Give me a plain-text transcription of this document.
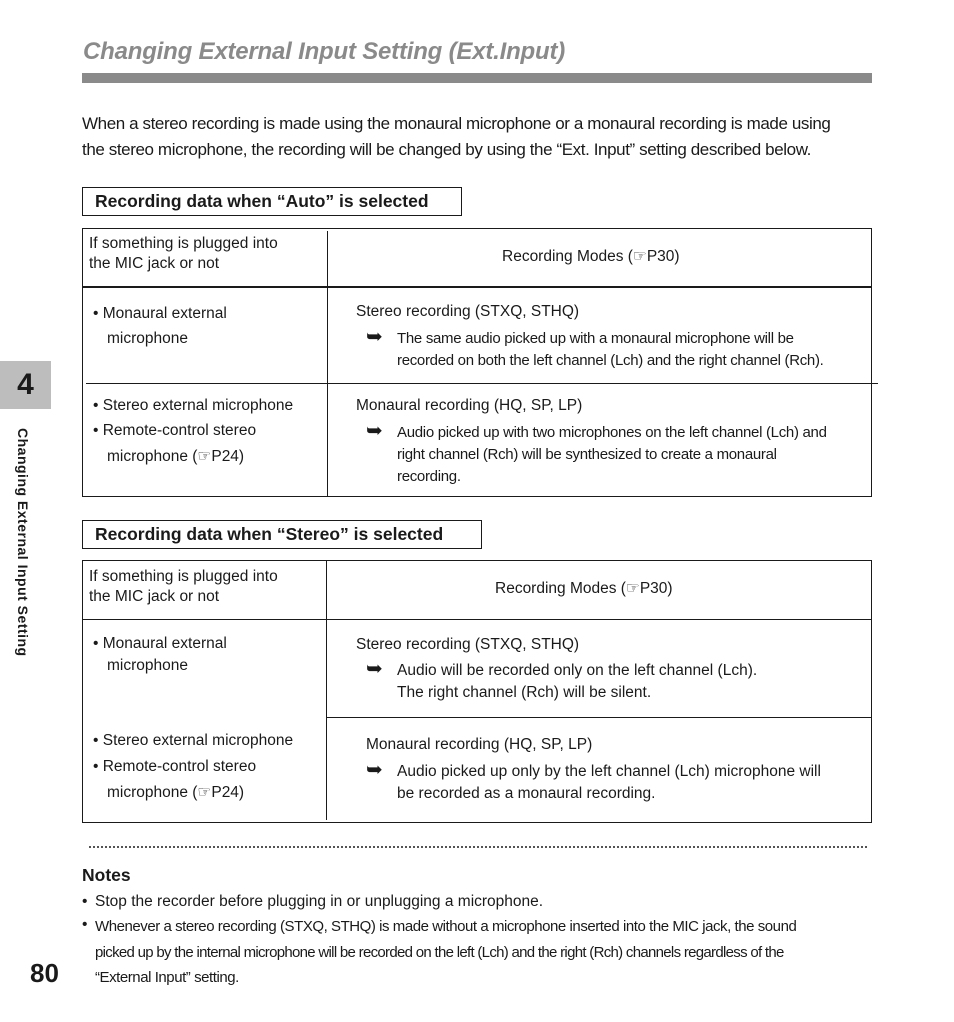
Changing External Input Setting (Ext.Input)

When a stereo recording is made using the monaural microphone or a monaural recording is made using

the stereo microphone, the recording will be changed by using the “Ext. Input” setting described below.

Recording data when “Auto” is selected
If something is plugged into
the MIC jack or not	Recording Modes (☞P30)
• Monaural external
microphone
Stereo recording (STXQ, STHQ)
➥ The same audio picked up with a monaural microphone will be
recorded on both the left channel (Lch) and the right channel (Rch).
• Stereo external microphone
• Remote-control stereo
microphone (☞P24)
Monaural recording (HQ, SP, LP)
➥ Audio picked up with two microphones on the left channel (Lch) and
right channel (Rch) will be synthesized to create a monaural
recording.
Recording data when “Stereo” is selected
If something is plugged into
the MIC jack or not	Recording Modes (☞P30)
• Monaural external
microphone
Stereo recording (STXQ, STHQ)
➥ Audio will be recorded only on the left channel (Lch).
The right channel (Rch) will be silent.
• Stereo external microphone
• Remote-control stereo
microphone (☞P24)
Monaural recording (HQ, SP, LP)
➥ Audio picked up only by the left channel (Lch) microphone will
be recorded as a monaural recording.
Notes
• Stop the recorder before plugging in or unplugging a microphone.
• Whenever a stereo recording (STXQ, STHQ) is made without a microphone inserted into the MIC jack, the sound
picked up by the internal microphone will be recorded on the left (Lch) and the right (Rch) channels regardless of the
“External Input” setting.
4
Changing External Input Setting
80
